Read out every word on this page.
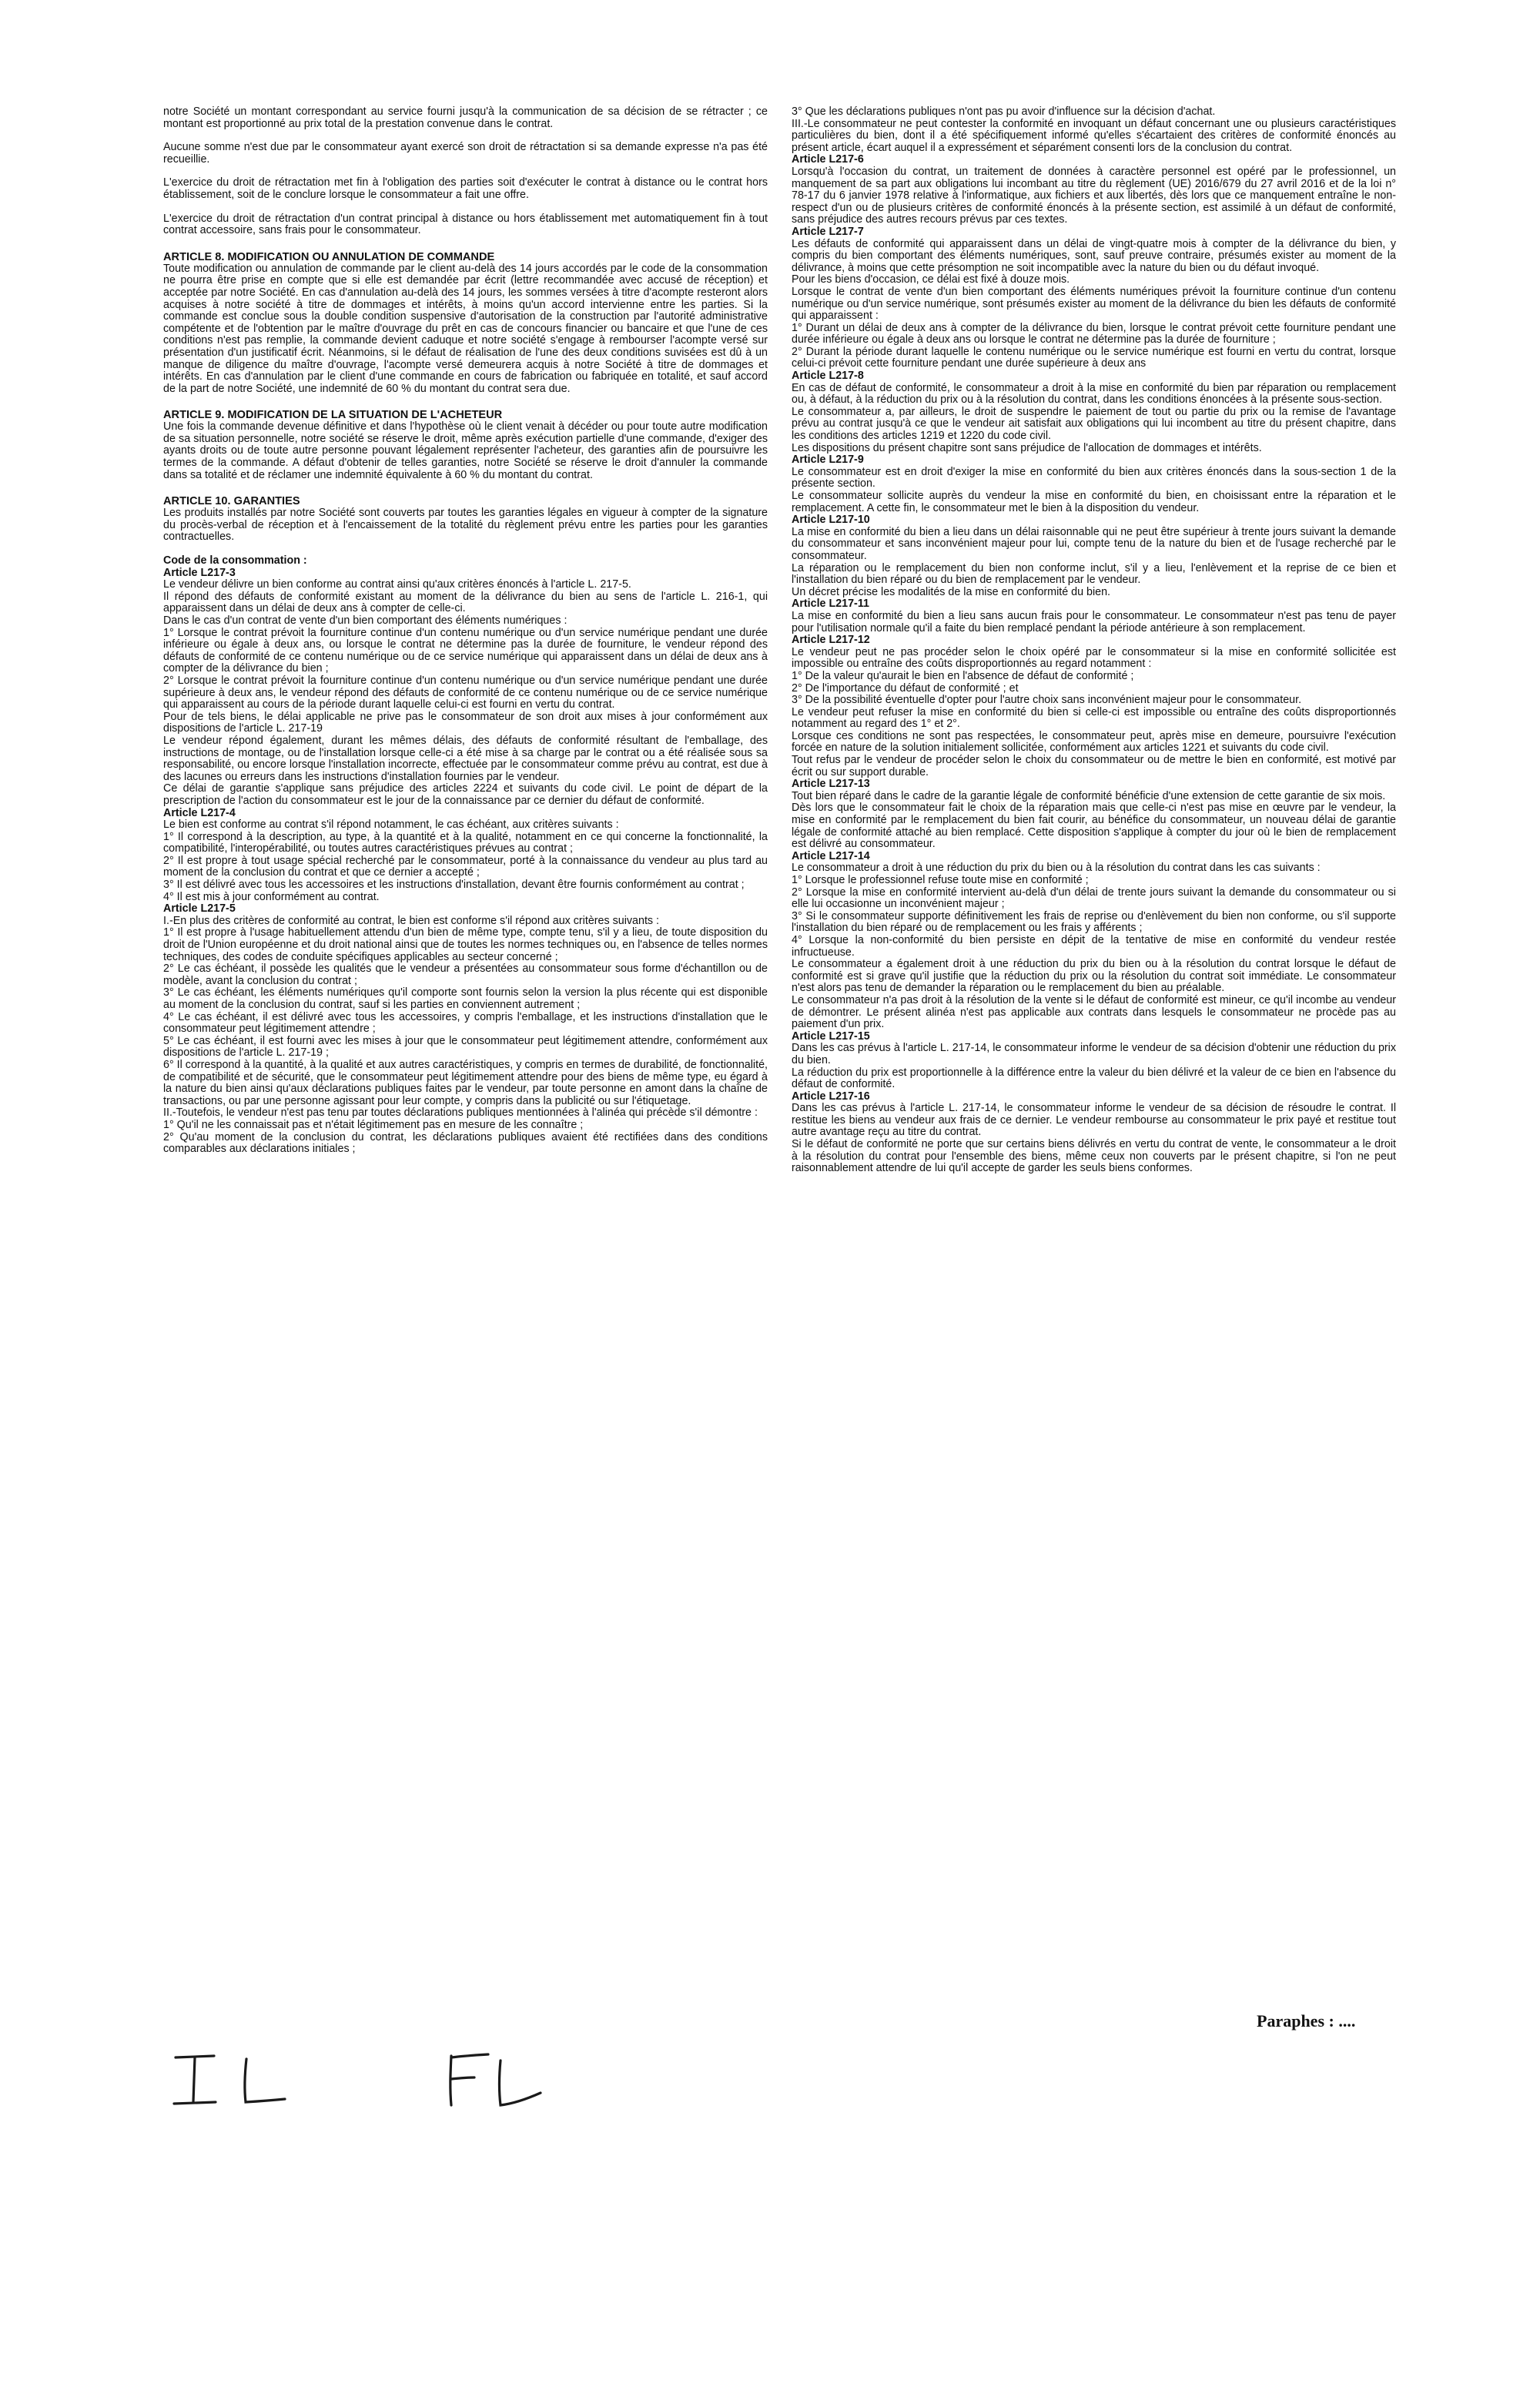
notre Société un montant correspondant au service fourni jusqu'à la communication de sa décision de se rétracter ; ce montant est proportionné au prix total de la prestation convenue dans le contrat.

Aucune somme n'est due par le consommateur ayant exercé son droit de rétractation si sa demande expresse n'a pas été recueillie.

L'exercice du droit de rétractation met fin à l'obligation des parties soit d'exécuter le contrat à distance ou le contrat hors établissement, soit de le conclure lorsque le consommateur a fait une offre.

L'exercice du droit de rétractation d'un contrat principal à distance ou hors établissement met automatiquement fin à tout contrat accessoire, sans frais pour le consommateur.

ARTICLE 8. MODIFICATION OU ANNULATION DE COMMANDE

Toute modification ou annulation de commande par le client au-delà des 14 jours accordés par le code de la consommation ne pourra être prise en compte que si elle est demandée par écrit (lettre recommandée avec accusé de réception) et acceptée par notre Société. En cas d'annulation au-delà des 14 jours, les sommes versées à titre d'acompte resteront alors acquises à notre société à titre de dommages et intérêts, à moins qu'un accord intervienne entre les parties. Si la commande est conclue sous la double condition suspensive d'autorisation de la construction par l'autorité administrative compétente et de l'obtention par le maître d'ouvrage du prêt en cas de concours financier ou bancaire et que l'une de ces conditions n'est pas remplie, la commande devient caduque et notre société s'engage à rembourser l'acompte versé sur présentation d'un justificatif écrit. Néanmoins, si le défaut de réalisation de l'une des deux conditions suvisées est dû à un manque de diligence du maître d'ouvrage, l'acompte versé demeurera acquis à notre Société à titre de dommages et intérêts. En cas d'annulation par le client d'une commande en cours de fabrication ou fabriquée en totalité, et sauf accord de la part de notre Société, une indemnité de 60 % du montant du contrat sera due.

ARTICLE 9. MODIFICATION DE LA SITUATION DE L'ACHETEUR

Une fois la commande devenue définitive et dans l'hypothèse où le client venait à décéder ou pour toute autre modification de sa situation personnelle, notre société se réserve le droit, même après exécution partielle d'une commande, d'exiger des ayants droits ou de toute autre personne pouvant légalement représenter l'acheteur, des garanties afin de poursuivre les termes de la commande. A défaut d'obtenir de telles garanties, notre Société se réserve le droit d'annuler la commande dans sa totalité et de réclamer une indemnité équivalente à 60 % du montant du contrat.

ARTICLE 10. GARANTIES

Les produits installés par notre Société sont couverts par toutes les garanties légales en vigueur à compter de la signature du procès-verbal de réception et à l'encaissement de la totalité du règlement prévu entre les parties pour les garanties contractuelles.

Code de la consommation :
Article L217-3
Le vendeur délivre un bien conforme au contrat ainsi qu'aux critères énoncés à l'article L. 217-5.
Il répond des défauts de conformité existant au moment de la délivrance du bien au sens de l'article L. 216-1, qui apparaissent dans un délai de deux ans à compter de celle-ci.
Dans le cas d'un contrat de vente d'un bien comportant des éléments numériques :
1° Lorsque le contrat prévoit la fourniture continue d'un contenu numérique ou d'un service numérique pendant une durée inférieure ou égale à deux ans, ou lorsque le contrat ne détermine pas la durée de fourniture, le vendeur répond des défauts de conformité de ce contenu numérique ou de ce service numérique qui apparaissent dans un délai de deux ans à compter de la délivrance du bien ;
2° Lorsque le contrat prévoit la fourniture continue d'un contenu numérique ou d'un service numérique pendant une durée supérieure à deux ans, le vendeur répond des défauts de conformité de ce contenu numérique ou de ce service numérique qui apparaissent au cours de la période durant laquelle celui-ci est fourni en vertu du contrat.
Pour de tels biens, le délai applicable ne prive pas le consommateur de son droit aux mises à jour conformément aux dispositions de l'article L. 217-19
Le vendeur répond également, durant les mêmes délais, des défauts de conformité résultant de l'emballage, des instructions de montage, ou de l'installation lorsque celle-ci a été mise à sa charge par le contrat ou a été réalisée sous sa responsabilité, ou encore lorsque l'installation incorrecte, effectuée par le consommateur comme prévu au contrat, est due à des lacunes ou erreurs dans les instructions d'installation fournies par le vendeur.
Ce délai de garantie s'applique sans préjudice des articles 2224 et suivants du code civil. Le point de départ de la prescription de l'action du consommateur est le jour de la connaissance par ce dernier du défaut de conformité.
Article L217-4
Le bien est conforme au contrat s'il répond notamment, le cas échéant, aux critères suivants :
1° Il correspond à la description, au type, à la quantité et à la qualité, notamment en ce qui concerne la fonctionnalité, la compatibilité, l'interopérabilité, ou toutes autres caractéristiques prévues au contrat ;
2° Il est propre à tout usage spécial recherché par le consommateur, porté à la connaissance du vendeur au plus tard au moment de la conclusion du contrat et que ce dernier a accepté ;
3° Il est délivré avec tous les accessoires et les instructions d'installation, devant être fournis conformément au contrat ;
4° Il est mis à jour conformément au contrat.
Article L217-5
I.-En plus des critères de conformité au contrat, le bien est conforme s'il répond aux critères suivants :
1° Il est propre à l'usage habituellement attendu d'un bien de même type, compte tenu, s'il y a lieu, de toute disposition du droit de l'Union européenne et du droit national ainsi que de toutes les normes techniques ou, en l'absence de telles normes techniques, des codes de conduite spécifiques applicables au secteur concerné ;
2° Le cas échéant, il possède les qualités que le vendeur a présentées au consommateur sous forme d'échantillon ou de modèle, avant la conclusion du contrat ;
3° Le cas échéant, les éléments numériques qu'il comporte sont fournis selon la version la plus récente qui est disponible au moment de la conclusion du contrat, sauf si les parties en conviennent autrement ;
4° Le cas échéant, il est délivré avec tous les accessoires, y compris l'emballage, et les instructions d'installation que le consommateur peut légitimement attendre ;
5° Le cas échéant, il est fourni avec les mises à jour que le consommateur peut légitimement attendre, conformément aux dispositions de l'article L. 217-19 ;
6° Il correspond à la quantité, à la qualité et aux autres caractéristiques, y compris en termes de durabilité, de fonctionnalité, de compatibilité et de sécurité, que le consommateur peut légitimement attendre pour des biens de même type, eu égard à la nature du bien ainsi qu'aux déclarations publiques faites par le vendeur, par toute personne en amont dans la chaîne de transactions, ou par une personne agissant pour leur compte, y compris dans la publicité ou sur l'étiquetage.
II.-Toutefois, le vendeur n'est pas tenu par toutes déclarations publiques mentionnées à l'alinéa qui précède s'il démontre :
1° Qu'il ne les connaissait pas et n'était légitimement pas en mesure de les connaître ;
2° Qu'au moment de la conclusion du contrat, les déclarations publiques avaient été rectifiées dans des conditions comparables aux déclarations initiales ;
3° Que les déclarations publiques n'ont pas pu avoir d'influence sur la décision d'achat.
III.-Le consommateur ne peut contester la conformité en invoquant un défaut concernant une ou plusieurs caractéristiques particulières du bien, dont il a été spécifiquement informé qu'elles s'écartaient des critères de conformité énoncés au présent article, écart auquel il a expressément et séparément consenti lors de la conclusion du contrat.
Article L217-6

Lorsqu'à l'occasion du contrat, un traitement de données à caractère personnel est opéré par le professionnel, un manquement de sa part aux obligations lui incombant au titre du règlement (UE) 2016/679 du 27 avril 2016 et de la loi n° 78-17 du 6 janvier 1978 relative à l'informatique, aux fichiers et aux libertés, dès lors que ce manquement entraîne le non-respect d'un ou de plusieurs critères de conformité énoncés à la présente section, est assimilé à un défaut de conformité, sans préjudice des autres recours prévus par ces textes.

Article L217-7
Les défauts de conformité qui apparaissent dans un délai de vingt-quatre mois à compter de la délivrance du bien, y compris du bien comportant des éléments numériques, sont, sauf preuve contraire, présumés exister au moment de la délivrance, à moins que cette présomption ne soit incompatible avec la nature du bien ou du défaut invoqué.
Pour les biens d'occasion, ce délai est fixé à douze mois.
Lorsque le contrat de vente d'un bien comportant des éléments numériques prévoit la fourniture continue d'un contenu numérique ou d'un service numérique, sont présumés exister au moment de la délivrance du bien les défauts de conformité qui apparaissent :
1° Durant un délai de deux ans à compter de la délivrance du bien, lorsque le contrat prévoit cette fourniture pendant une durée inférieure ou égale à deux ans ou lorsque le contrat ne détermine pas la durée de fourniture ;
2° Durant la période durant laquelle le contenu numérique ou le service numérique est fourni en vertu du contrat, lorsque celui-ci prévoit cette fourniture pendant une durée supérieure à deux ans
Article L217-8
En cas de défaut de conformité, le consommateur a droit à la mise en conformité du bien par réparation ou remplacement ou, à défaut, à la réduction du prix ou à la résolution du contrat, dans les conditions énoncées à la présente sous-section.
Le consommateur a, par ailleurs, le droit de suspendre le paiement de tout ou partie du prix ou la remise de l'avantage prévu au contrat jusqu'à ce que le vendeur ait satisfait aux obligations qui lui incombent au titre du présent chapitre, dans les conditions des articles 1219 et 1220 du code civil.
Les dispositions du présent chapitre sont sans préjudice de l'allocation de dommages et intérêts.
Article L217-9
Le consommateur est en droit d'exiger la mise en conformité du bien aux critères énoncés dans la sous-section 1 de la présente section.
Le consommateur sollicite auprès du vendeur la mise en conformité du bien, en choisissant entre la réparation et le remplacement. A cette fin, le consommateur met le bien à la disposition du vendeur.
Article L217-10
La mise en conformité du bien a lieu dans un délai raisonnable qui ne peut être supérieur à trente jours suivant la demande du consommateur et sans inconvénient majeur pour lui, compte tenu de la nature du bien et de l'usage recherché par le consommateur.
La réparation ou le remplacement du bien non conforme inclut, s'il y a lieu, l'enlèvement et la reprise de ce bien et l'installation du bien réparé ou du bien de remplacement par le vendeur.
Un décret précise les modalités de la mise en conformité du bien.
Article L217-11

La mise en conformité du bien a lieu sans aucun frais pour le consommateur. Le consommateur n'est pas tenu de payer pour l'utilisation normale qu'il a faite du bien remplacé pendant la période antérieure à son remplacement.

Article L217-12
Le vendeur peut ne pas procéder selon le choix opéré par le consommateur si la mise en conformité sollicitée est impossible ou entraîne des coûts disproportionnés au regard notamment :
1° De la valeur qu'aurait le bien en l'absence de défaut de conformité ;
2° De l'importance du défaut de conformité ; et
3° De la possibilité éventuelle d'opter pour l'autre choix sans inconvénient majeur pour le consommateur.
Le vendeur peut refuser la mise en conformité du bien si celle-ci est impossible ou entraîne des coûts disproportionnés notamment au regard des 1° et 2°.
Lorsque ces conditions ne sont pas respectées, le consommateur peut, après mise en demeure, poursuivre l'exécution forcée en nature de la solution initialement sollicitée, conformément aux articles 1221 et suivants du code civil.
Tout refus par le vendeur de procéder selon le choix du consommateur ou de mettre le bien en conformité, est motivé par écrit ou sur support durable.
Article L217-13
Tout bien réparé dans le cadre de la garantie légale de conformité bénéficie d'une extension de cette garantie de six mois.
Dès lors que le consommateur fait le choix de la réparation mais que celle-ci n'est pas mise en œuvre par le vendeur, la mise en conformité par le remplacement du bien fait courir, au bénéfice du consommateur, un nouveau délai de garantie légale de conformité attaché au bien remplacé. Cette disposition s'applique à compter du jour où le bien de remplacement est délivré au consommateur.
Article L217-14
Le consommateur a droit à une réduction du prix du bien ou à la résolution du contrat dans les cas suivants :
1° Lorsque le professionnel refuse toute mise en conformité ;
2° Lorsque la mise en conformité intervient au-delà d'un délai de trente jours suivant la demande du consommateur ou si elle lui occasionne un inconvénient majeur ;
3° Si le consommateur supporte définitivement les frais de reprise ou d'enlèvement du bien non conforme, ou s'il supporte l'installation du bien réparé ou de remplacement ou les frais y afférents ;
4° Lorsque la non-conformité du bien persiste en dépit de la tentative de mise en conformité du vendeur restée infructueuse.
Le consommateur a également droit à une réduction du prix du bien ou à la résolution du contrat lorsque le défaut de conformité est si grave qu'il justifie que la réduction du prix ou la résolution du contrat soit immédiate. Le consommateur n'est alors pas tenu de demander la réparation ou le remplacement du bien au préalable.
Le consommateur n'a pas droit à la résolution de la vente si le défaut de conformité est mineur, ce qu'il incombe au vendeur de démontrer. Le présent alinéa n'est pas applicable aux contrats dans lesquels le consommateur ne procède pas au paiement d'un prix.
Article L217-15
Dans les cas prévus à l'article L. 217-14, le consommateur informe le vendeur de sa décision d'obtenir une réduction du prix du bien.
La réduction du prix est proportionnelle à la différence entre la valeur du bien délivré et la valeur de ce bien en l'absence du défaut de conformité.
Article L217-16
Dans les cas prévus à l'article L. 217-14, le consommateur informe le vendeur de sa décision de résoudre le contrat. Il restitue les biens au vendeur aux frais de ce dernier. Le vendeur rembourse au consommateur le prix payé et restitue tout autre avantage reçu au titre du contrat.
Si le défaut de conformité ne porte que sur certains biens délivrés en vertu du contrat de vente, le consommateur a le droit à la résolution du contrat pour l'ensemble des biens, même ceux non couverts par le présent chapitre, si l'on ne peut raisonnablement attendre de lui qu'il accepte de garder les seuls biens conformes.
Paraphes : ....
